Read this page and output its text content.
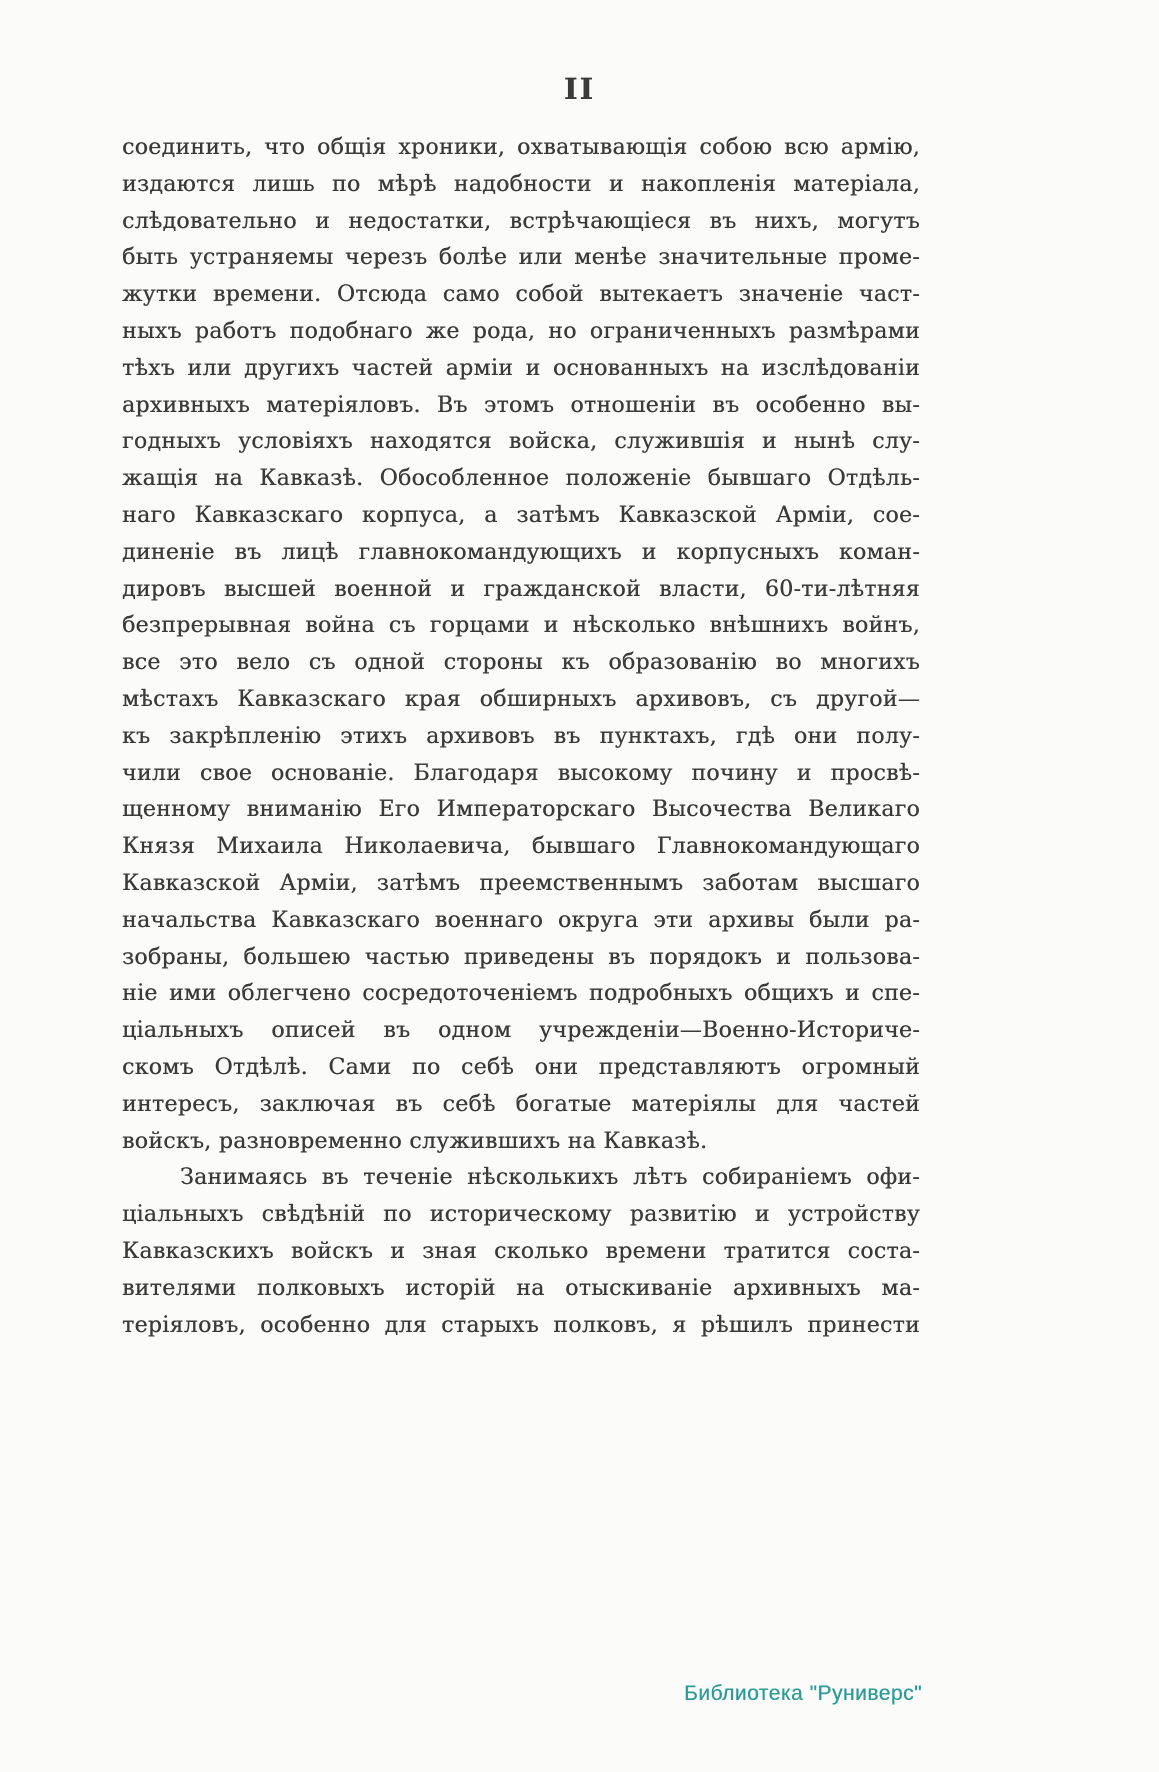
II
соединить, что общія хроники, охватывающія собою всю армію,
издаются лишь по мѣрѣ надобности и накопленія матеріала,
слѣдовательно и недостатки, встрѣчающіеся въ нихъ, могутъ
быть устраняемы черезъ болѣе или менѣе значительные проме-
жутки времени. Отсюда само собой вытекаетъ значеніе част-
ныхъ работъ подобнаго же рода, но ограниченныхъ размѣрами
тѣхъ или другихъ частей арміи и основанныхъ на изслѣдованіи
архивныхъ матеріяловъ. Въ этомъ отношеніи въ особенно вы-
годныхъ условіяхъ находятся войска, служившія и нынѣ слу-
жащія на Кавказѣ. Обособленное положеніе бывшаго Отдѣль-
наго Кавказскаго корпуса, а затѣмъ Кавказской Арміи, сое-
диненіе въ лицѣ главнокомандующихъ и корпусныхъ коман-
дировъ высшей военной и гражданской власти, 60-ти-лѣтняя
безпрерывная война съ горцами и нѣсколько внѣшнихъ войнъ,
все это вело съ одной стороны къ образованію во многихъ
мѣстахъ Кавказскаго края обширныхъ архивовъ, съ другой—
къ закрѣпленію этихъ архивовъ въ пунктахъ, гдѣ они полу-
чили свое основаніе. Благодаря высокому почину и просвѣ-
щенному вниманію Его Императорскаго Высочества Великаго
Князя Михаила Николаевича, бывшаго Главнокомандующаго
Кавказской Арміи, затѣмъ преемственнымъ заботам высшаго
начальства Кавказскаго военнаго округа эти архивы были ра-
зобраны, большею частью приведены въ порядокъ и пользова-
ніе ими облегчено сосредоточеніемъ подробныхъ общихъ и спе-
ціальныхъ описей въ одном учрежденіи—Военно-Историче-
скомъ Отдѣлѣ. Сами по себѣ они представляютъ огромный
интересъ, заключая въ себѣ богатые матеріялы для частей
войскъ, разновременно служившихъ на Кавказѣ.
Занимаясь въ теченіе нѣсколькихъ лѣтъ собираніемъ офи-
ціальныхъ свѣдѣній по историческому развитію и устройству
Кавказскихъ войскъ и зная сколько времени тратится соста-
вителями полковыхъ исторій на отыскиваніе архивныхъ ма-
теріяловъ, особенно для старыхъ полковъ, я рѣшилъ принести
Библиотека "Руниверс"
